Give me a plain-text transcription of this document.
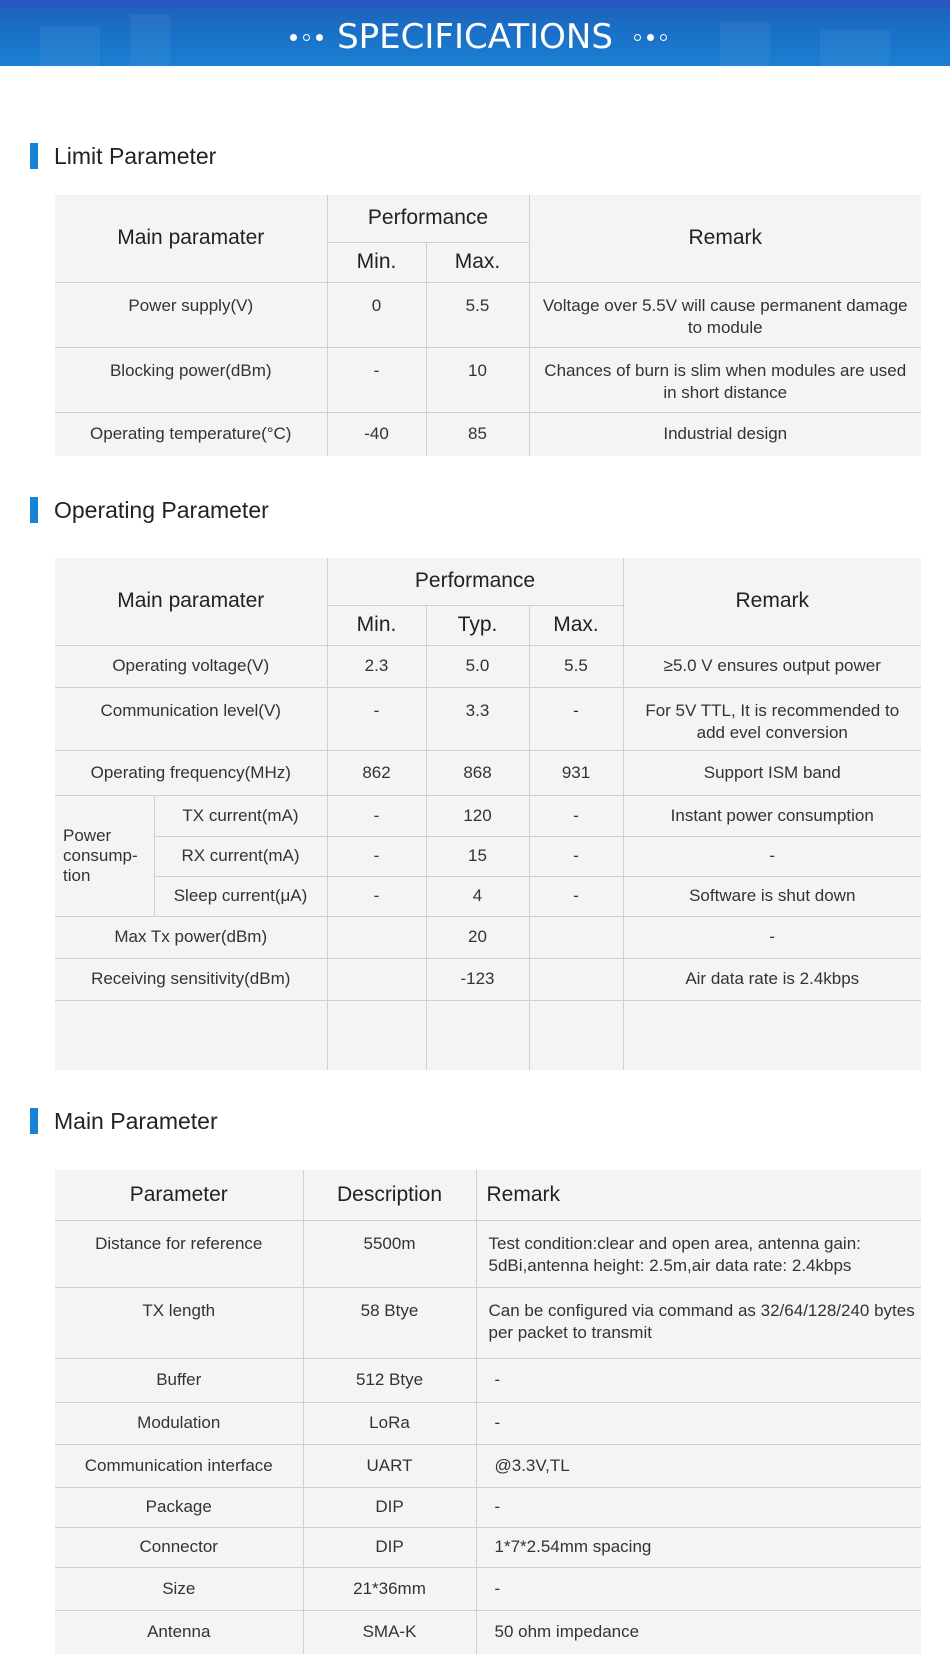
SPECIFICATIONS
Limit Parameter
Main paramater	Performance		Remark
	Min.	Max.	
Power supply(V)	0	5.5	Voltage over 5.5V will cause permanent damage to module
Blocking power(dBm)	-	10	Chances of burn is slim when modules are used in short distance
Operating temperature(°C)	-40	85	Industrial design
Operating Parameter
Main paramater		Performance			Remark
		Min.	Typ.	Max.	
Operating voltage(V)		2.3	5.0	5.5	≥5.0 V ensures output power
Communication level(V)		-	3.3	-	For 5V TTL, It is recommended to add evel conversion
Operating frequency(MHz)		862	868	931	Support ISM band
Power consump-tion	TX current(mA)	-	120	-	Instant power consumption
	RX current(mA)	-	15	-	-
	Sleep current(μA)	-	4	-	Software is shut down
Max Tx power(dBm)			20		-
Receiving sensitivity(dBm)			-123		Air data rate is 2.4kbps

Main Parameter
Parameter	Description	Remark
Distance for reference	5500m	Test condition:clear and open area, antenna gain: 5dBi,antenna height: 2.5m,air data rate: 2.4kbps
TX length	58 Btye	Can be configured via command as 32/64/128/240 bytes per packet to transmit
Buffer	512 Btye	-
Modulation	LoRa	-
Communication interface	UART	@3.3V,TL
Package	DIP	-
Connector	DIP	1*7*2.54mm spacing
Size	21*36mm	-
Antenna	SMA-K	50 ohm impedance
